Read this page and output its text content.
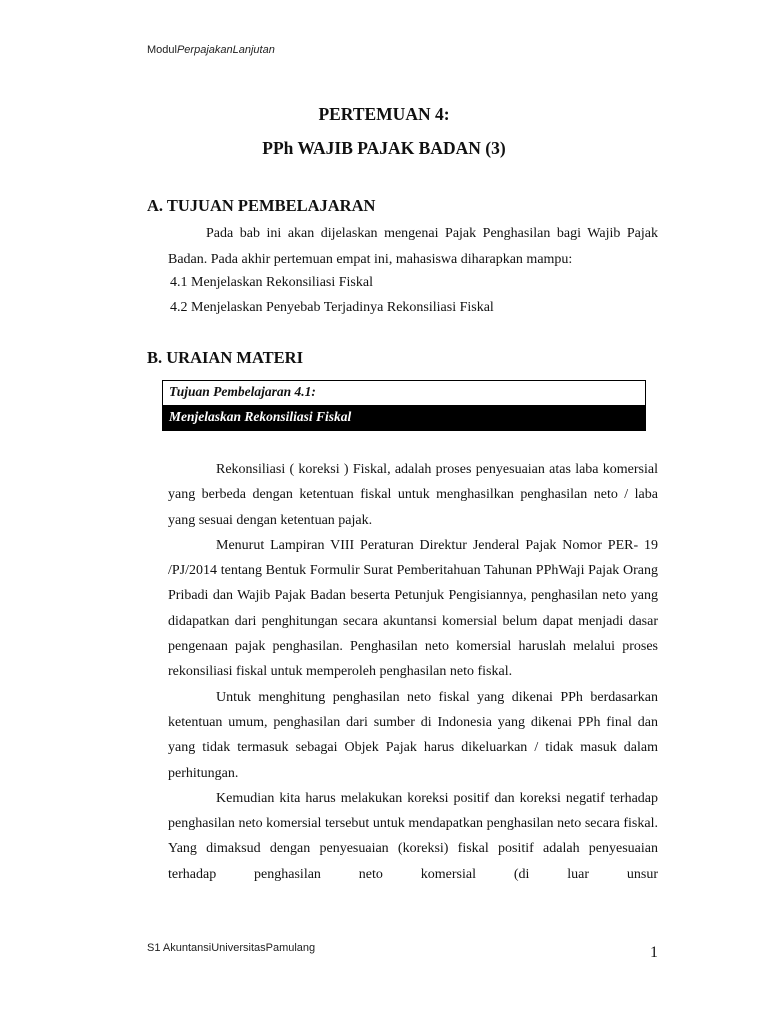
ModulPerpajakanLanjutan
PERTEMUAN 4:
PPh WAJIB PAJAK BADAN (3)
A. TUJUAN PEMBELAJARAN
Pada bab ini akan dijelaskan mengenai Pajak Penghasilan bagi Wajib Pajak Badan. Pada akhir pertemuan empat ini, mahasiswa diharapkan mampu:
4.1 Menjelaskan Rekonsiliasi Fiskal
4.2 Menjelaskan Penyebab Terjadinya Rekonsiliasi Fiskal
B. URAIAN MATERI
Tujuan Pembelajaran 4.1:
Menjelaskan Rekonsiliasi Fiskal

Rekonsiliasi ( koreksi ) Fiskal, adalah proses penyesuaian atas laba komersial yang berbeda dengan ketentuan fiskal untuk menghasilkan penghasilan neto / laba yang sesuai dengan ketentuan pajak.

Menurut Lampiran VIII Peraturan Direktur Jenderal Pajak Nomor PER- 19 /PJ/2014 tentang Bentuk Formulir Surat Pemberitahuan Tahunan PPhWaji Pajak Orang Pribadi dan Wajib Pajak Badan beserta Petunjuk Pengisiannya, penghasilan neto yang didapatkan dari penghitungan secara akuntansi komersial belum dapat menjadi dasar pengenaan pajak penghasilan. Penghasilan neto komersial haruslah melalui proses rekonsiliasi fiskal untuk memperoleh penghasilan neto fiskal.

Untuk menghitung penghasilan neto fiskal yang dikenai PPh berdasarkan ketentuan umum, penghasilan dari sumber di Indonesia yang dikenai PPh final dan yang tidak termasuk sebagai Objek Pajak harus dikeluarkan / tidak masuk dalam perhitungan.

Kemudian kita harus melakukan koreksi positif dan koreksi negatif terhadap penghasilan neto komersial tersebut untuk mendapatkan penghasilan neto secara fiskal. Yang dimaksud dengan penyesuaian (koreksi) fiskal positif adalah penyesuaian terhadap penghasilan neto komersial (di luar unsur

S1 AkuntansiUniversitasPamulang	1
